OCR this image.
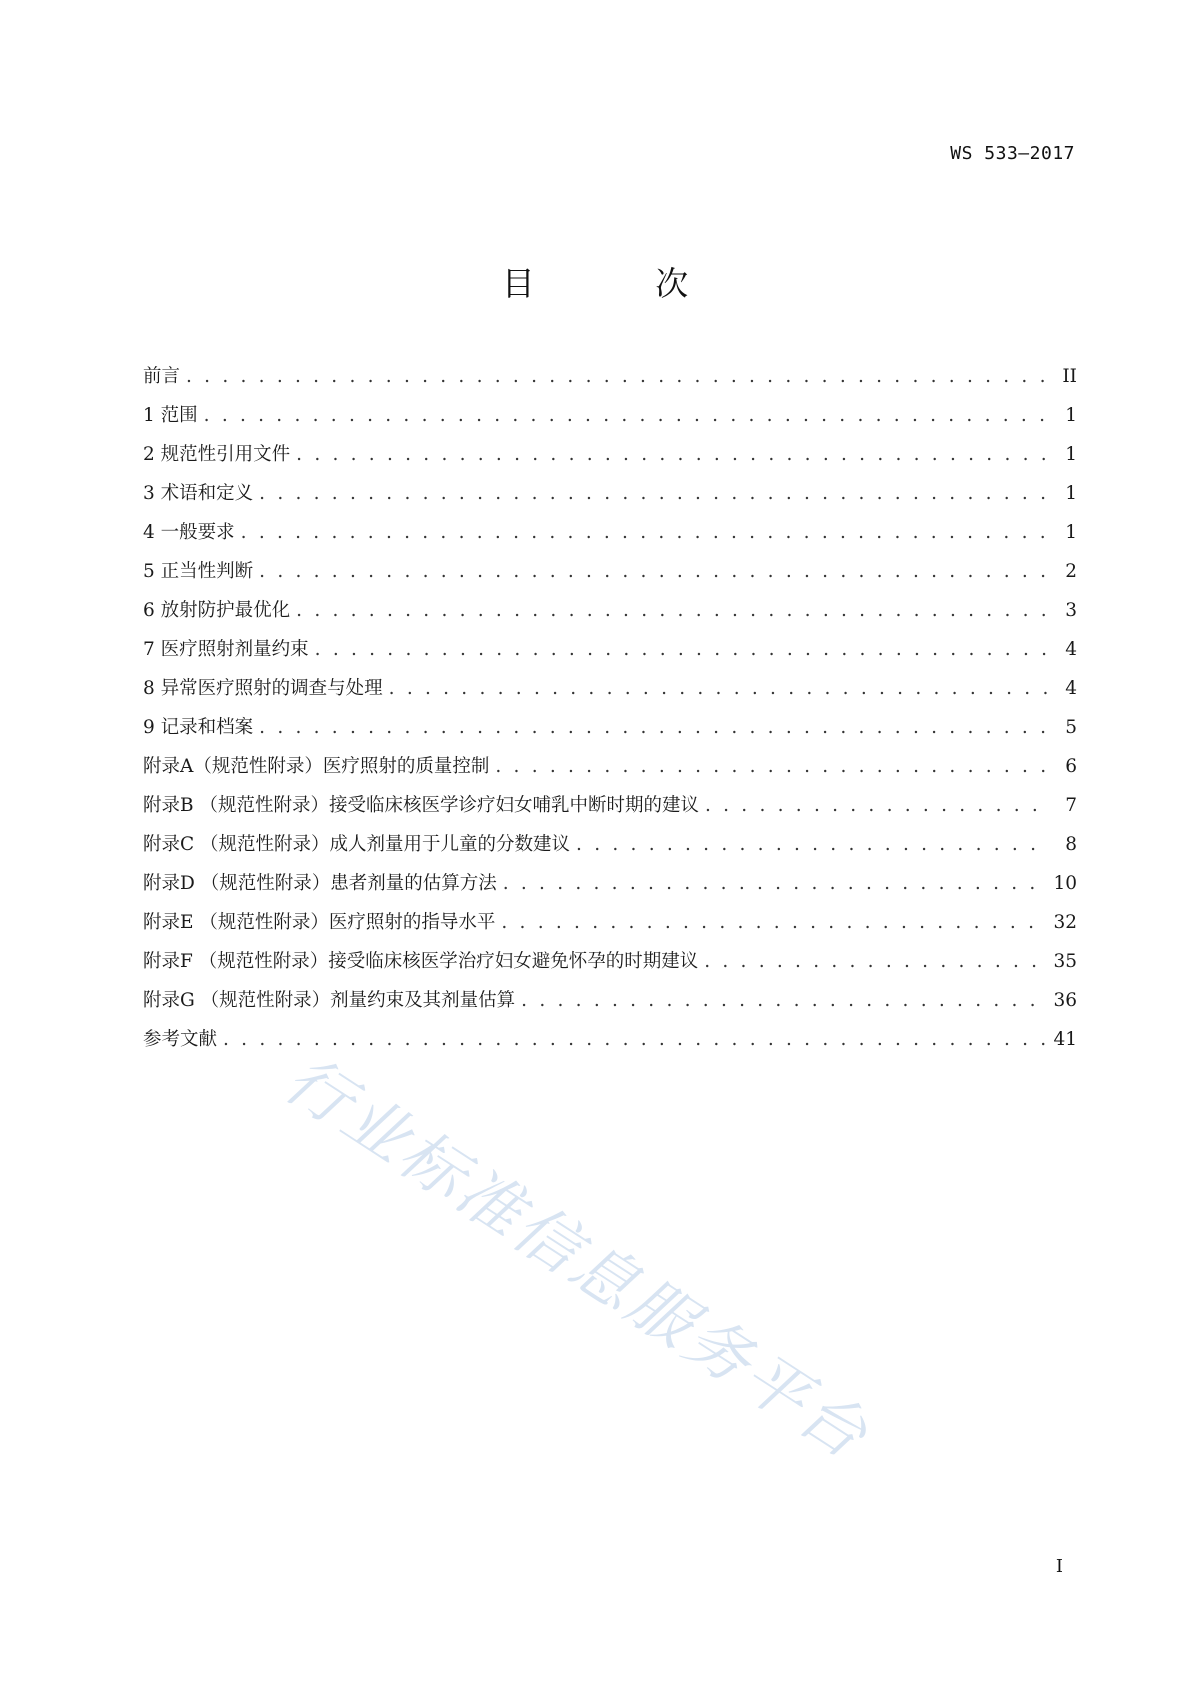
WS 533—2017
目 次
前言 . . .	II
1 范围 . . .	1
2 规范性引用文件 . . .	1
3 术语和定义 . . .	1
4 一般要求 . . .	1
5 正当性判断 . . .	2
6 放射防护最优化 . . .	3
7 医疗照射剂量约束 . . .	4
8 异常医疗照射的调查与处理 . . .	4
9 记录和档案 . . .	5
附录A（规范性附录）医疗照射的质量控制 . . .	6
附录B （规范性附录）接受临床核医学诊疗妇女哺乳中断时期的建议 . . .	7
附录C （规范性附录）成人剂量用于儿童的分数建议 . . .	8
附录D （规范性附录）患者剂量的估算方法 . . .	10
附录E （规范性附录）医疗照射的指导水平 . . .	32
附录F （规范性附录）接受临床核医学治疗妇女避免怀孕的时期建议 . . .	35
附录G （规范性附录）剂量约束及其剂量估算 . . .	36
参考文献 . . .	41
行业标准信息服务平台
I
